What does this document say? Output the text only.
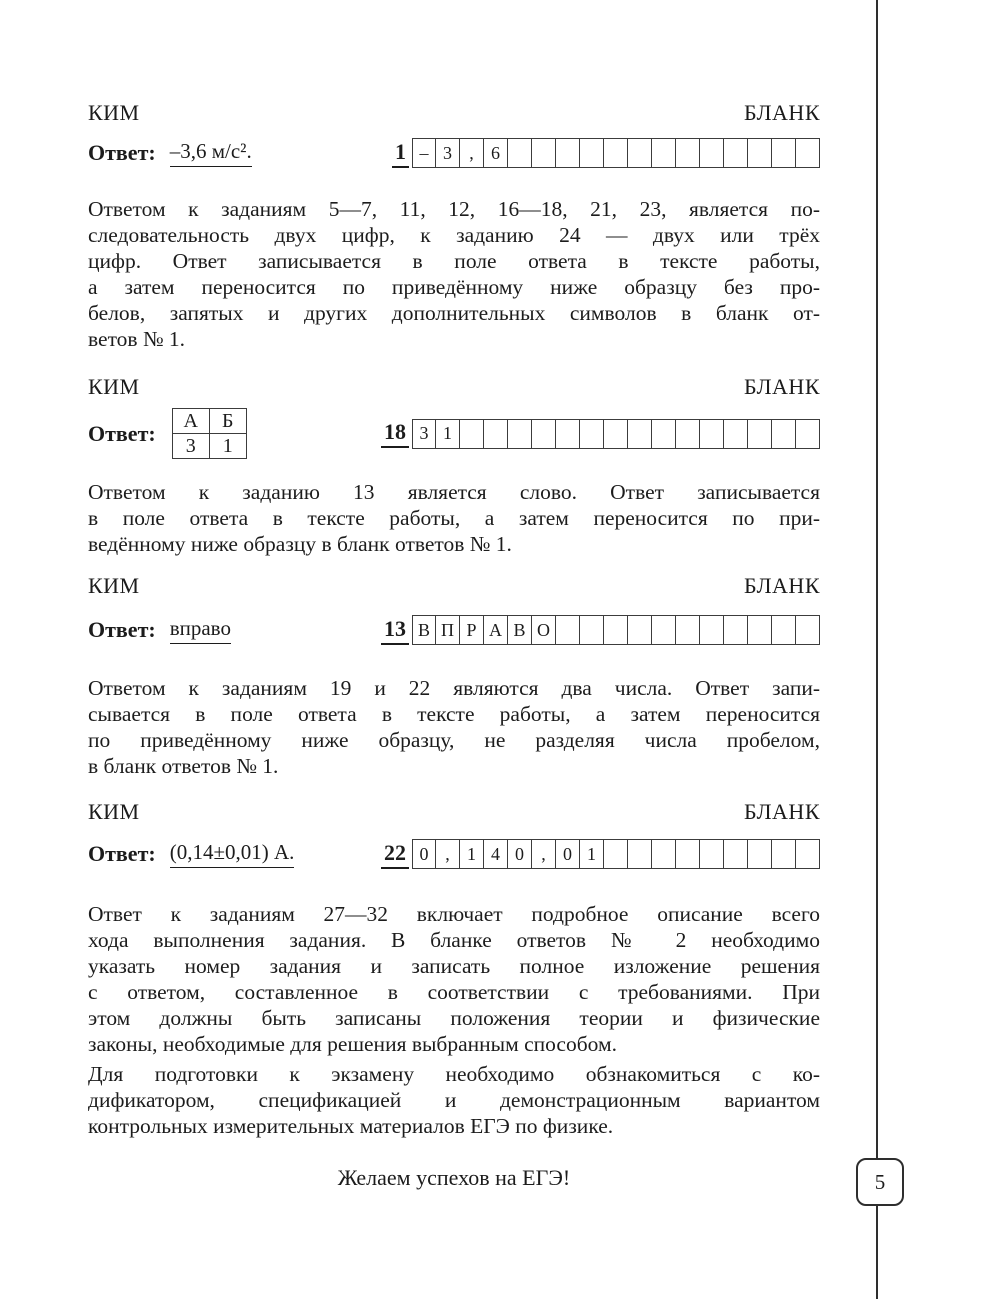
5
КИМ	БЛАНК
Ответ: –3,6 м/с².	1 – 3 , 6
Ответом к заданиям 5—7, 11, 12, 16—18, 21, 23, является по-
следовательность двух цифр, к заданию 24 — двух или трёх
цифр. Ответ записывается в поле ответа в тексте работы,
а затем переносится по приведённому ниже образцу без про-
белов, запятых и других дополнительных символов в бланк от-
ветов № 1.
КИМ	БЛАНК
Ответ: А	Б
3	1
18 3 1
Ответом к заданию 13 является слово. Ответ записывается
в поле ответа в тексте работы, а затем переносится по при-
ведённому ниже образцу в бланк ответов № 1.
КИМ	БЛАНК
Ответ: вправо	13 В П Р А В О
Ответом к заданиям 19 и 22 являются два числа. Ответ запи-
сывается в поле ответа в тексте работы, а затем переносится
по приведённому ниже образцу, не разделяя числа пробелом,
в бланк ответов № 1.
КИМ	БЛАНК
Ответ: (0,14±0,01) А.	22 0 , 1 4 0 , 0 1
Ответ к заданиям 27—32 включает подробное описание всего
хода выполнения задания. В бланке ответов № 2 необходимо
указать номер задания и записать полное изложение решения
с ответом, составленное в соответствии с требованиями. При
этом должны быть записаны положения теории и физические
законы, необходимые для решения выбранным способом.
Для подготовки к экзамену необходимо обзнакомиться с ко-
дификатором, спецификацией и демонстрационным вариантом
контрольных измерительных материалов ЕГЭ по физике.
Желаем успехов на ЕГЭ!
